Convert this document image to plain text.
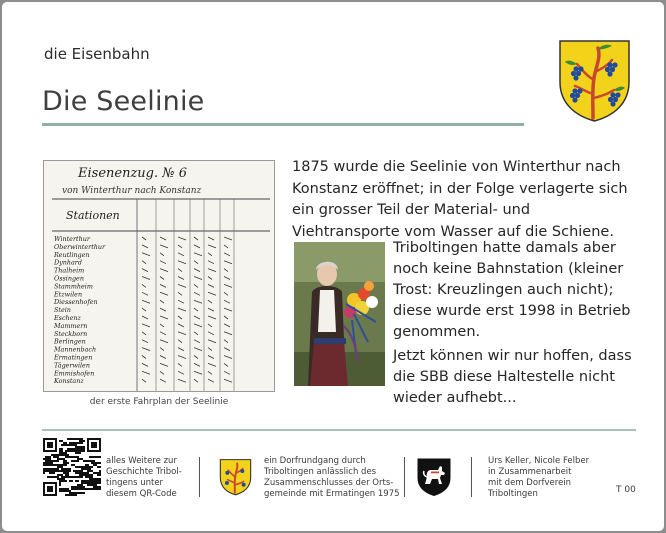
die Eisenbahn
Die Seelinie
Eisenenzug. № 6
von Winterthur nach Konstanz
Stationen
Winterthur
Oberwinterthur
Reutlingen
Dynhard
Thalheim
Ossingen
Stammheim
Etzwilen
Diessenhofen
Stein
Eschenz
Mammern
Steckborn
Berlingen
Mannenbach
Ermatingen
Tägerwilen
Emmishofen
Konstanz
der erste Fahrplan der Seelinie
1875 wurde die Seelinie von Winterthur nach Konstanz eröffnet; in der Folge verlagerte sich ein grosser Teil der Material- und Viehtransporte vom Wasser auf die Schiene.

Triboltingen hatte damals aber noch keine Bahnstation (kleiner Trost: Kreuzlingen auch nicht); diese wurde erst 1998 in Betrieb genommen.

Jetzt können wir nur hoffen, dass die SBB diese Haltestelle nicht wieder aufhebt...

alles Weitere zur
Geschichte Tribol-
tingens unter
diesem QR-Code
ein Dorfrundgang durch
Triboltingen anlässlich des
Zusammenschlusses der Orts-
gemeinde mit Ermatingen 1975
Urs Keller, Nicole Felber
in Zusammenarbeit
mit dem Dorfverein
Triboltingen	T 00
